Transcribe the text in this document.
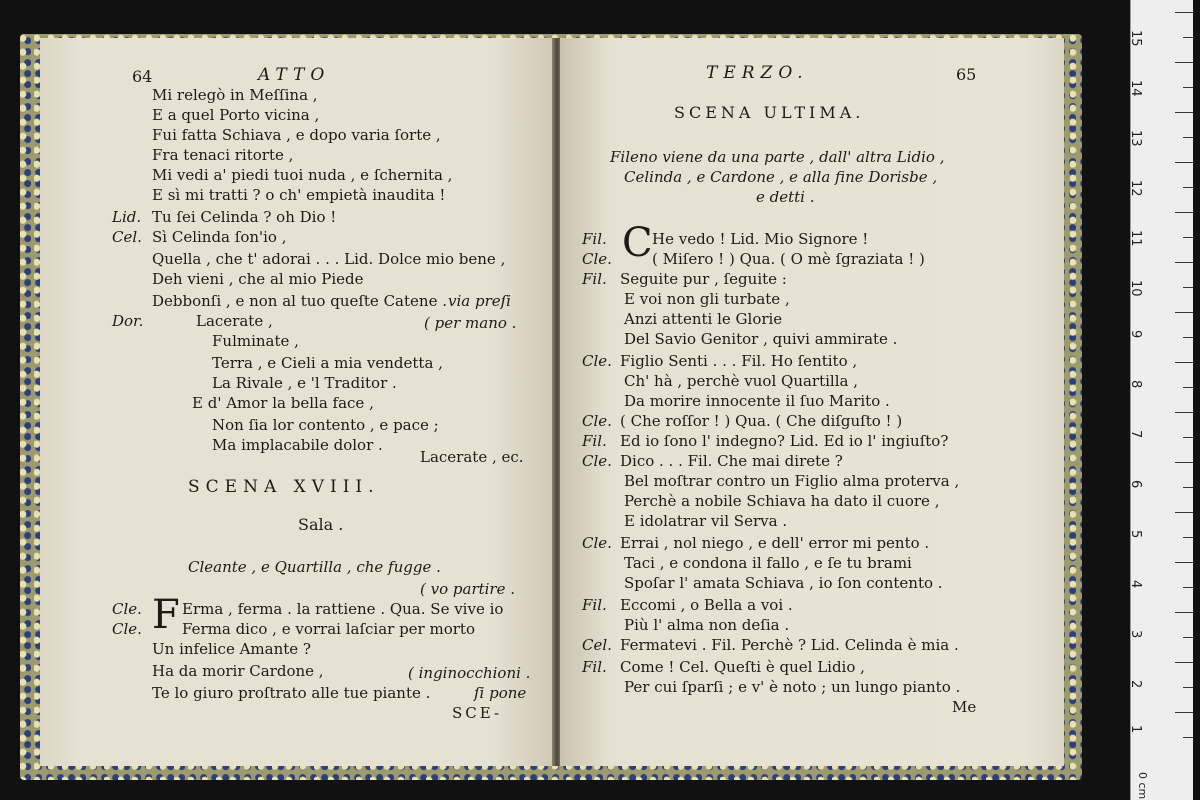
64	ATTO
Lid.
Cel.
Dor.
Mi relegò in Meſſina ,
E a quel Porto vicina ,
Fui fatta Schiava , e dopo varia ſorte ,
Fra tenaci ritorte ,
Mi vedi a' piedi tuoi nuda , e ſchernita ,
E sì mi tratti ? o ch' empietà inaudita !
Tu ſei Celinda ? oh Dio !
Sì Celinda ſon'io ,
Quella , che t' adorai . . . Lid. Dolce mio bene ,
Deh vieni , che al mio Piede
Debbonſi , e non al tuo queſte Catene . via preſi
Lacerate ,	( per mano .
Fulminate ,
Terra , e Cieli a mia vendetta ,
La Rivale , e 'l Traditor .
E d' Amor la bella face ,
Non ſia lor contento , e pace ;
Ma implacabile dolor .
Lacerate , ec.
SCENA XVIII.
Sala .
Cleante , e Quartilla , che fugge .
( vo partire .
Cle.
Cle. F Erma , ferma . la rattiene . Qua. Se vive io
Ferma dico , e vorrai laſciar per morto
Un infelice Amante ?
Ha da morir Cardone ,	( inginocchioni .
Te lo giuro proſtrato alle tue piante .	ſi pone
SCE-
TERZO.	65
SCENA ULTIMA.
Fileno viene da una parte , dall' altra Lidio ,
Celinda , e Cardone , e alla fine Dorisbe ,
e detti .
C
Fil.	He vedo ! Lid. Mio Signore !
Cle.	( Miſero ! ) Qua. ( O mè ſgraziata ! )
Fil. Seguite pur , ſeguite :
E voi non gli turbate ,
Anzi attenti le Glorie
Del Savio Genitor , quivi ammirate .
Cle. Figlio Senti . . . Fil. Ho ſentito ,
Ch' hà , perchè vuol Quartilla ,
Da morire innocente il ſuo Marito .
Cle. ( Che roſſor ! ) Qua. ( Che diſguſto ! )
Fil. Ed io ſono l' indegno? Lid. Ed io l' ingiuſto?
Cle. Dico . . . Fil. Che mai direte ?
Bel moſtrar contro un Figlio alma proterva ,
Perchè a nobile Schiava ha dato il cuore ,
E idolatrar vil Serva .
Cle. Errai , nol niego , e dell' error mi pento .
Taci , e condona il fallo , e ſe tu brami
Spoſar l' amata Schiava , io ſon contento .
Fil. Eccomi , o Bella a voi .
Più l' alma non deſia .
Cel. Fermatevi . Fil. Perchè ? Lid. Celinda è mia .
Fil. Come ! Cel. Queſti è quel Lidio ,
Per cui ſparſi ; e v' è noto ; un lungo pianto .
Me
15
14
13
12
11
10
9
8
7
6
5
4
3
2
1
0 cm
